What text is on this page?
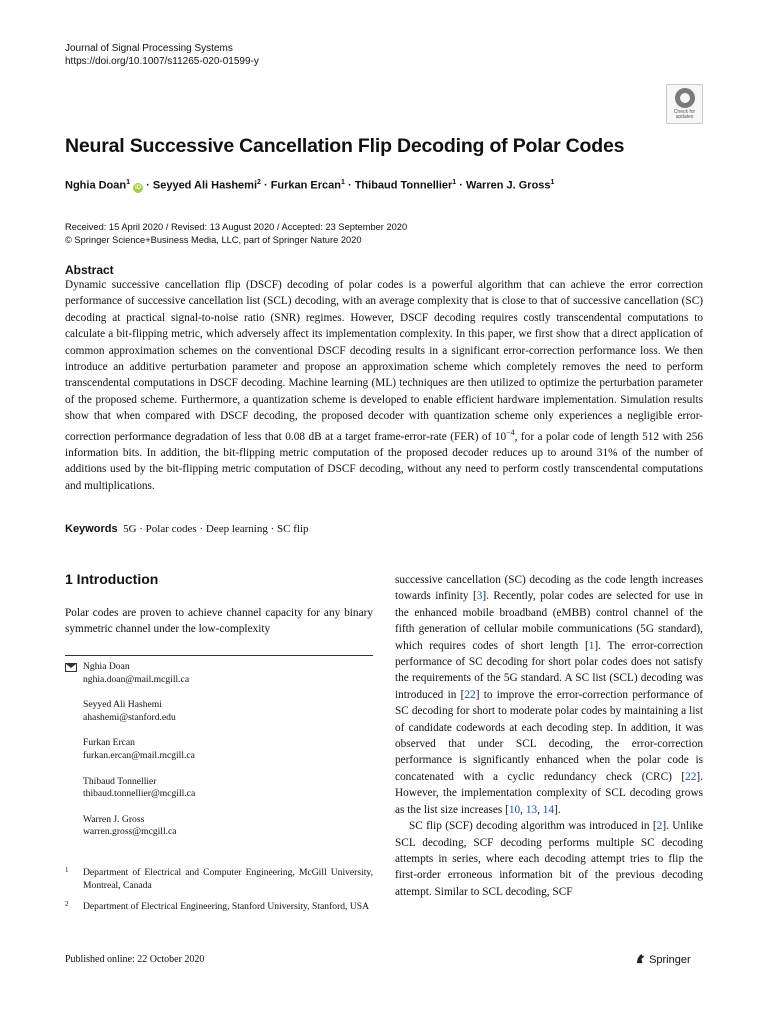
Journal of Signal Processing Systems
https://doi.org/10.1007/s11265-020-01599-y
Check for
updates
Neural Successive Cancellation Flip Decoding of Polar Codes
Nghia Doan$^1$ iD · Seyyed Ali Hashemi$^2$ · Furkan Ercan$^1$ · Thibaud Tonnellier$^1$ · Warren J. Gross$^1$
Received: 15 April 2020 / Revised: 13 August 2020 / Accepted: 23 September 2020
© Springer Science+Business Media, LLC, part of Springer Nature 2020
Abstract
Dynamic successive cancellation flip (DSCF) decoding of polar codes is a powerful algorithm that can achieve the error correction performance of successive cancellation list (SCL) decoding, with an average complexity that is close to that of successive cancellation (SC) decoding at practical signal-to-noise ratio (SNR) regimes. However, DSCF decoding requires costly transcendental computations to calculate a bit-flipping metric, which adversely affect its implementation complexity. In this paper, we first show that a direct application of common approximation schemes on the conventional DSCF decoding results in a significant error-correction performance loss. We then introduce an additive perturbation parameter and propose an approximation scheme which completely removes the need to perform transcendental computations in DSCF decoding. Machine learning (ML) techniques are then utilized to optimize the perturbation parameter of the proposed scheme. Furthermore, a quantization scheme is developed to enable efficient hardware implementation. Simulation results show that when compared with DSCF decoding, the proposed decoder with quantization scheme only experiences a negligible error-correction performance degradation of less that 0.08 dB at a target frame-error-rate (FER) of $10^{-4}$, for a polar code of length 512 with 256 information bits. In addition, the bit-flipping metric computation of the proposed decoder reduces up to around 31% of the number of additions used by the bit-flipping metric computation of DSCF decoding, without any need to perform costly transcendental computations and multiplications.
Keywords 5G · Polar codes · Deep learning · SC flip
1 Introduction
Polar codes are proven to achieve channel capacity for any binary symmetric channel under the low-complexity
Nghia Doan
nghia.doan@mail.mcgill.ca
Seyyed Ali Hashemi
ahashemi@stanford.edu
Furkan Ercan
furkan.ercan@mail.mcgill.ca
Thibaud Tonnellier
thibaud.tonnellier@mcgill.ca
Warren J. Gross
warren.gross@mcgill.ca
1 Department of Electrical and Computer Engineering, McGill University, Montreal, Canada
2 Department of Electrical Engineering, Stanford University, Stanford, USA

successive cancellation (SC) decoding as the code length increases towards infinity [3]. Recently, polar codes are selected for use in the enhanced mobile broadband (eMBB) control channel of the fifth generation of cellular mobile communications (5G standard), which requires codes of short length [1]. The error-correction performance of SC decoding for short polar codes does not satisfy the requirements of the 5G standard. A SC list (SCL) decoding was introduced in [22] to improve the error-correction performance of SC decoding for short to moderate polar codes by maintaining a list of candidate codewords at each decoding step. In addition, it was observed that under SCL decoding, the error-correction performance is significantly enhanced when the polar code is concatenated with a cyclic redundancy check (CRC) [22]. However, the implementation complexity of SCL decoding grows as the list size increases [10, 13, 14].

SC flip (SCF) decoding algorithm was introduced in [2]. Unlike SCL decoding, SCF decoding performs multiple SC decoding attempts in series, where each decoding attempt tries to flip the first-order erroneous information bit of the previous decoding attempt. Similar to SCL decoding, SCF

Published online: 22 October 2020	Springer
